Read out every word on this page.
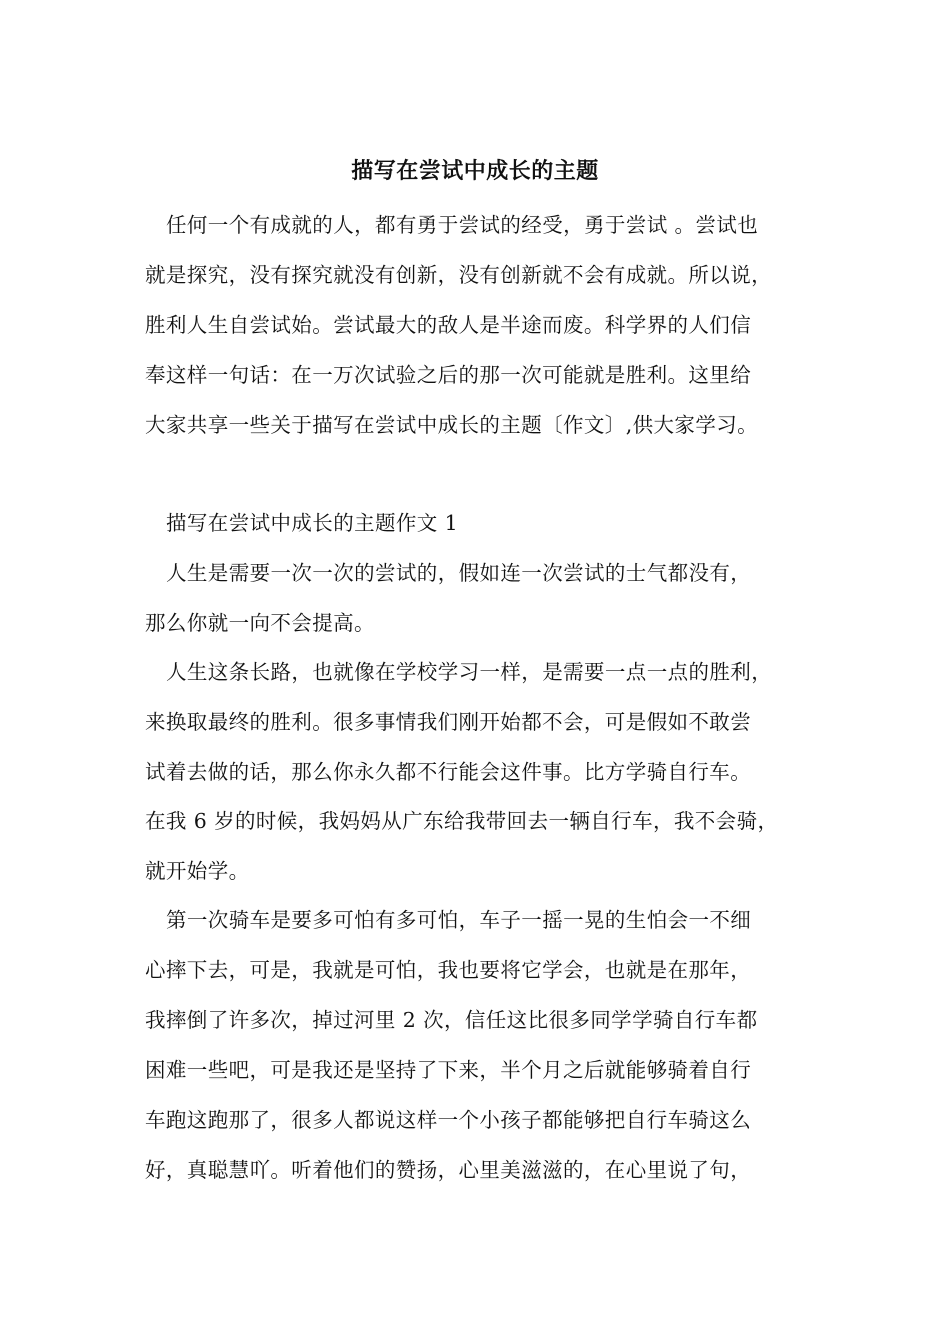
描写在尝试中成长的主题
任何一个有成就的人，都有勇于尝试的经受，勇于尝试 。尝试也
就是探究，没有探究就没有创新，没有创新就不会有成就。所以说，
胜利人生自尝试始。尝试最大的敌人是半途而废。科学界的人们信
奉这样一句话：在一万次试验之后的那一次可能就是胜利。这里给
大家共享一些关于描写在尝试中成长的主题〔作文〕,供大家学习。
描写在尝试中成长的主题作文 1
人生是需要一次一次的尝试的，假如连一次尝试的士气都没有，
那么你就一向不会提高。
人生这条长路，也就像在学校学习一样，是需要一点一点的胜利，
来换取最终的胜利。很多事情我们刚开始都不会，可是假如不敢尝
试着去做的话，那么你永久都不行能会这件事。比方学骑自行车。
在我 6 岁的时候，我妈妈从广东给我带回去一辆自行车，我不会骑，
就开始学。
第一次骑车是要多可怕有多可怕，车子一摇一晃的生怕会一不细
心摔下去，可是，我就是可怕，我也要将它学会，也就是在那年，
我摔倒了许多次，掉过河里 2 次，信任这比很多同学学骑自行车都
困难一些吧，可是我还是坚持了下来，半个月之后就能够骑着自行
车跑这跑那了，很多人都说这样一个小孩子都能够把自行车骑这么
好，真聪慧吖。听着他们的赞扬，心里美滋滋的，在心里说了句，
